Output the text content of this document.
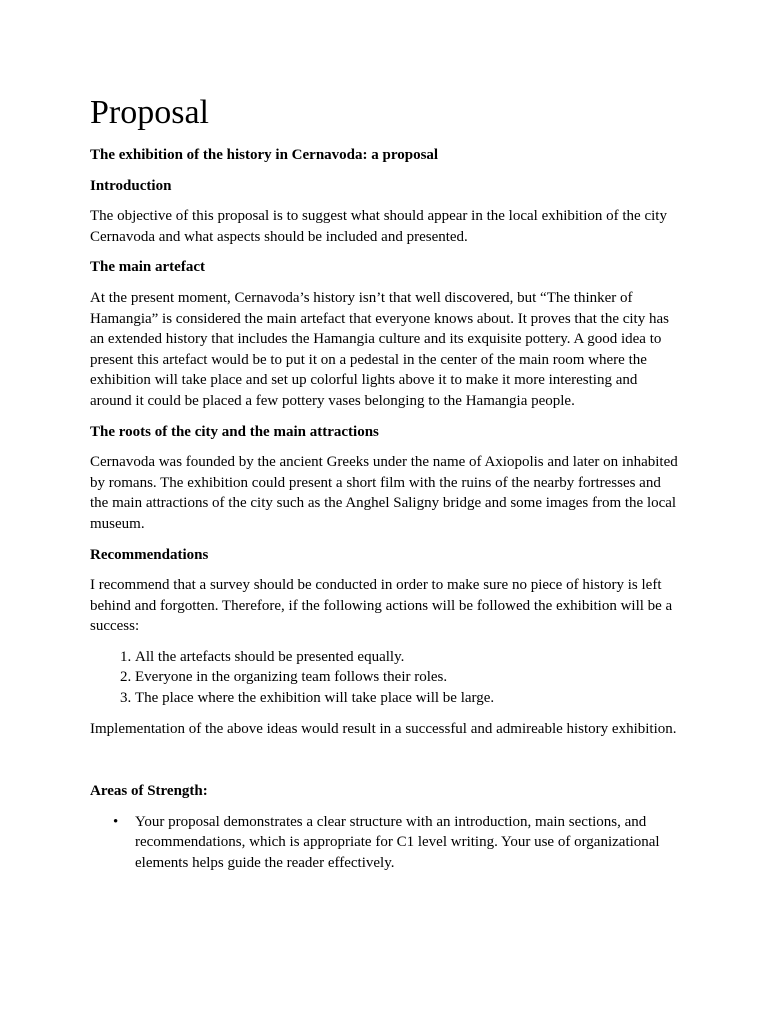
Proposal
The exhibition of the history in Cernavoda: a proposal
Introduction

The objective of this proposal is to suggest what should appear in the local exhibition of the city Cernavoda and what aspects should be included and presented.

The main artefact

At the present moment, Cernavoda’s history isn’t that well discovered, but “The thinker of Hamangia” is considered the main artefact that everyone knows about. It proves that the city has an extended history that includes the Hamangia culture and its exquisite pottery. A good idea to present this artefact would be to put it on a pedestal in the center of the main room where the exhibition will take place and set up colorful lights above it to make it more interesting and around it could be placed a few pottery vases belonging to the Hamangia people.

The roots of the city and the main attractions

Cernavoda was founded by the ancient Greeks under the name of Axiopolis and later on inhabited by romans. The exhibition could present a short film with the ruins of the nearby fortresses and the main attractions of the city such as the Anghel Saligny bridge and some images from the local museum.

Recommendations

I recommend that a survey should be conducted in order to make sure no piece of history is left behind and forgotten. Therefore, if the following actions will be followed the exhibition will be a success:

1. All the artefacts should be presented equally.
2. Everyone in the organizing team follows their roles.
3. The place where the exhibition will take place will be large.

Implementation of the above ideas would result in a successful and admireable history exhibition.

Areas of Strength:
• Your proposal demonstrates a clear structure with an introduction, main sections, and recommendations, which is appropriate for C1 level writing. Your use of organizational elements helps guide the reader effectively.
